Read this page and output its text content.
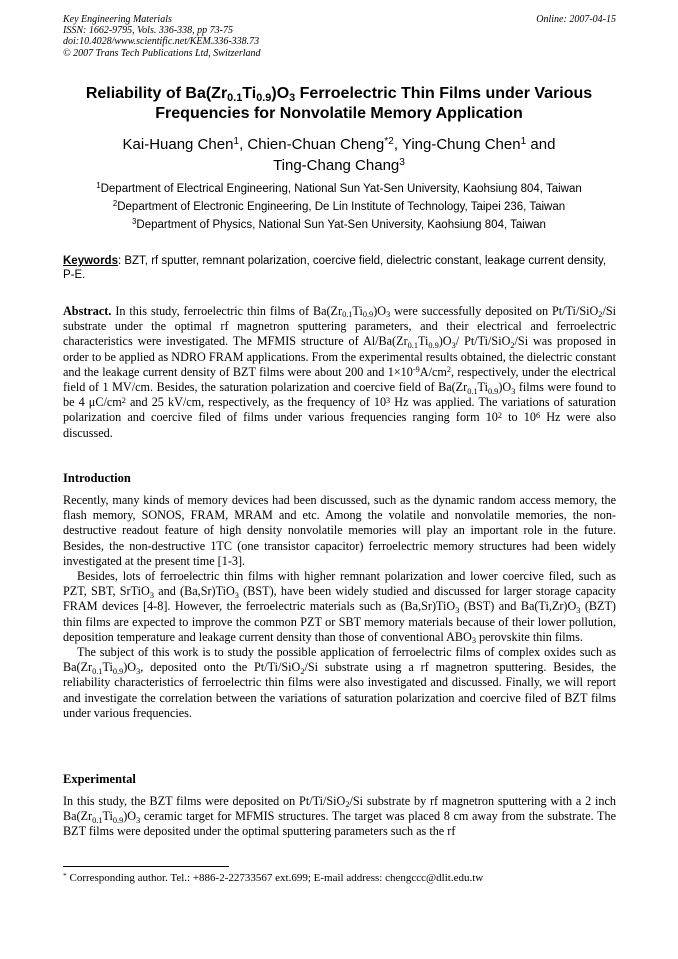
Key Engineering Materials
ISSN: 1662-9795, Vols. 336-338, pp 73-75
doi:10.4028/www.scientific.net/KEM.336-338.73
© 2007 Trans Tech Publications Ltd, Switzerland
Online: 2007-04-15
Reliability of $Ba(Zr_{0.1}Ti_{0.9})O_3$ Ferroelectric Thin Films under Various
Frequencies for Nonvolatile Memory Application
Kai-Huang Chen$^1$, Chien-Chuan Cheng$^{*2}$, Ying-Chung Chen$^1$ and
Ting-Chang Chang$^3$
$^1$Department of Electrical Engineering, National Sun Yat-Sen University, Kaohsiung 804, Taiwan
$^2$Department of Electronic Engineering, De Lin Institute of Technology, Taipei 236, Taiwan
$^3$Department of Physics, National Sun Yat-Sen University, Kaohsiung 804, Taiwan
Keywords: BZT, rf sputter, remnant polarization, coercive field, dielectric constant, leakage current density, P-E.

Abstract. In this study, ferroelectric thin films of $Ba(Zr_{0.1}Ti_{0.9})O_3$ were successfully deposited on Pt/Ti/SiO$_2$/Si substrate under the optimal rf magnetron sputtering parameters, and their electrical and ferroelectric characteristics were investigated. The MFMIS structure of $Al/Ba(Zr_{0.1}Ti_{0.9})O_3/$ Pt/Ti/SiO$_2$/Si was proposed in order to be applied as NDRO FRAM applications. From the experimental results obtained, the dielectric constant and the leakage current density of BZT films were about 200 and $1\times 10^{-9}A/cm^2$, respectively, under the electrical field of 1 MV/cm. Besides, the saturation polarization and coercive field of $Ba(Zr_{0.1}Ti_{0.9})O_3$ films were found to be 4 $\mu C/cm^2$ and 25 kV/cm, respectively, as the frequency of $10^3$ Hz was applied. The variations of saturation polarization and coercive filed of films under various frequencies ranging form $10^2$ to $10^6$ Hz were also discussed.

Introduction

Recently, many kinds of memory devices had been discussed, such as the dynamic random access memory, the flash memory, SONOS, FRAM, MRAM and etc. Among the volatile and nonvolatile memories, the non-destructive readout feature of high density nonvolatile memories will play an important role in the future. Besides, the non-destructive 1TC (one transistor capacitor) ferroelectric memory structures had been widely investigated at the present time [1-3].

Besides, lots of ferroelectric thin films with higher remnant polarization and lower coercive filed, such as PZT, SBT, SrTiO$_3$ and (Ba,Sr)TiO$_3$ (BST), have been widely studied and discussed for larger storage capacity FRAM devices [4-8]. However, the ferroelectric materials such as (Ba,Sr)TiO$_3$ (BST) and $Ba(Ti,Zr)O_3$ (BZT) thin films are expected to improve the common PZT or SBT memory materials because of their lower pollution, deposition temperature and leakage current density than those of conventional $ABO_3$ perovskite thin films.

The subject of this work is to study the possible application of ferroelectric films of complex oxides such as $Ba(Zr_{0.1}Ti_{0.9})O_3$, deposited onto the Pt/Ti/SiO$_2$/Si substrate using a rf magnetron sputtering. Besides, the reliability characteristics of ferroelectric thin films were also investigated and discussed. Finally, we will report and investigate the correlation between the variations of saturation polarization and coercive filed of BZT films under various frequencies.

Experimental

In this study, the BZT films were deposited on Pt/Ti/SiO$_2$/Si substrate by rf magnetron sputtering with a 2 inch $Ba(Zr_{0.1}Ti_{0.9})O_3$ ceramic target for MFMIS structures. The target was placed 8 cm away from the substrate. The BZT films were deposited under the optimal sputtering parameters such as the rf

* Corresponding author. Tel.: +886-2-22733567 ext.699; E-mail address: chengccc@dlit.edu.tw
